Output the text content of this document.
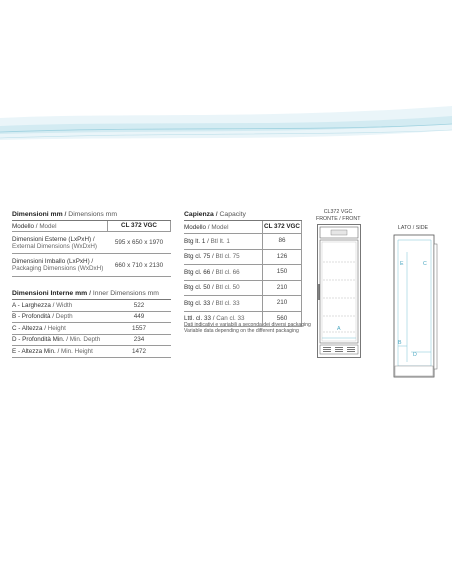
Dimensioni mm / Dimensions mm
Modello / Model	CL 372 VGC
Dimensioni Esterne (LxPxH) /
External Dimensions (WxDxH)	595 x 650 x 1970
Dimensioni Imballo (LxPxH) /
Packaging Dimensions (WxDxH)	660 x 710 x 2130
Dimensioni Interne mm / Inner Dimensions mm
A - Larghezza / Width	522
B - Profondità / Depth	449
C - Altezza / Height	1557
D - Profondità Min. / Min. Depth	234
E - Altezza Min. / Min. Height	1472
Capienza / Capacity
Modello / Model	CL 372 VGC
Btg lt. 1 / Btl lt. 1	86
Btg cl. 75 / Btl cl. 75	126
Btg cl. 66 / Btl cl. 66	150
Btg cl. 50 / Btl cl. 50	210
Btg cl. 33 / Btl cl. 33	210
Lttl. cl. 33 / Can cl. 33	560
Dati indicativi e variabili a seconda dei diversi packaging
Variable data depending on the different packaging
CL372 VGC
FRONTE / FRONT
A
LATO / SIDE
E	C
B
D
